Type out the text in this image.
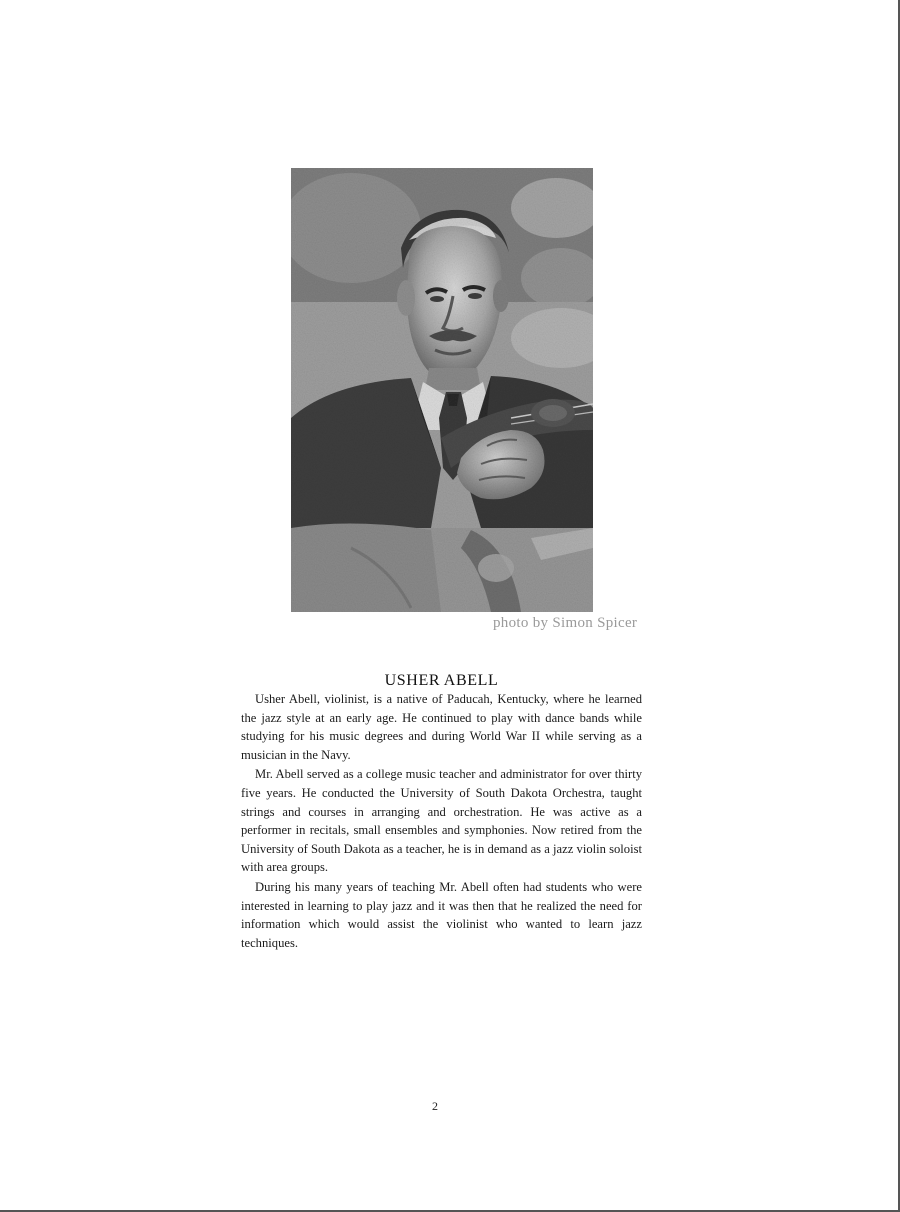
photo by Simon Spicer
USHER ABELL

Usher Abell, violinist, is a native of Paducah, Kentucky, where he learned the jazz style at an early age. He continued to play with dance bands while studying for his music degrees and during World War II while serving as a musician in the Navy.

Mr. Abell served as a college music teacher and administrator for over thirty five years. He conducted the University of South Dakota Orchestra, taught strings and courses in arranging and orchestration. He was active as a performer in recitals, small ensembles and symphonies. Now retired from the University of South Dakota as a teacher, he is in demand as a jazz violin soloist with area groups.

During his many years of teaching Mr. Abell often had students who were interested in learning to play jazz and it was then that he realized the need for information which would assist the violinist who wanted to learn jazz techniques.

2
